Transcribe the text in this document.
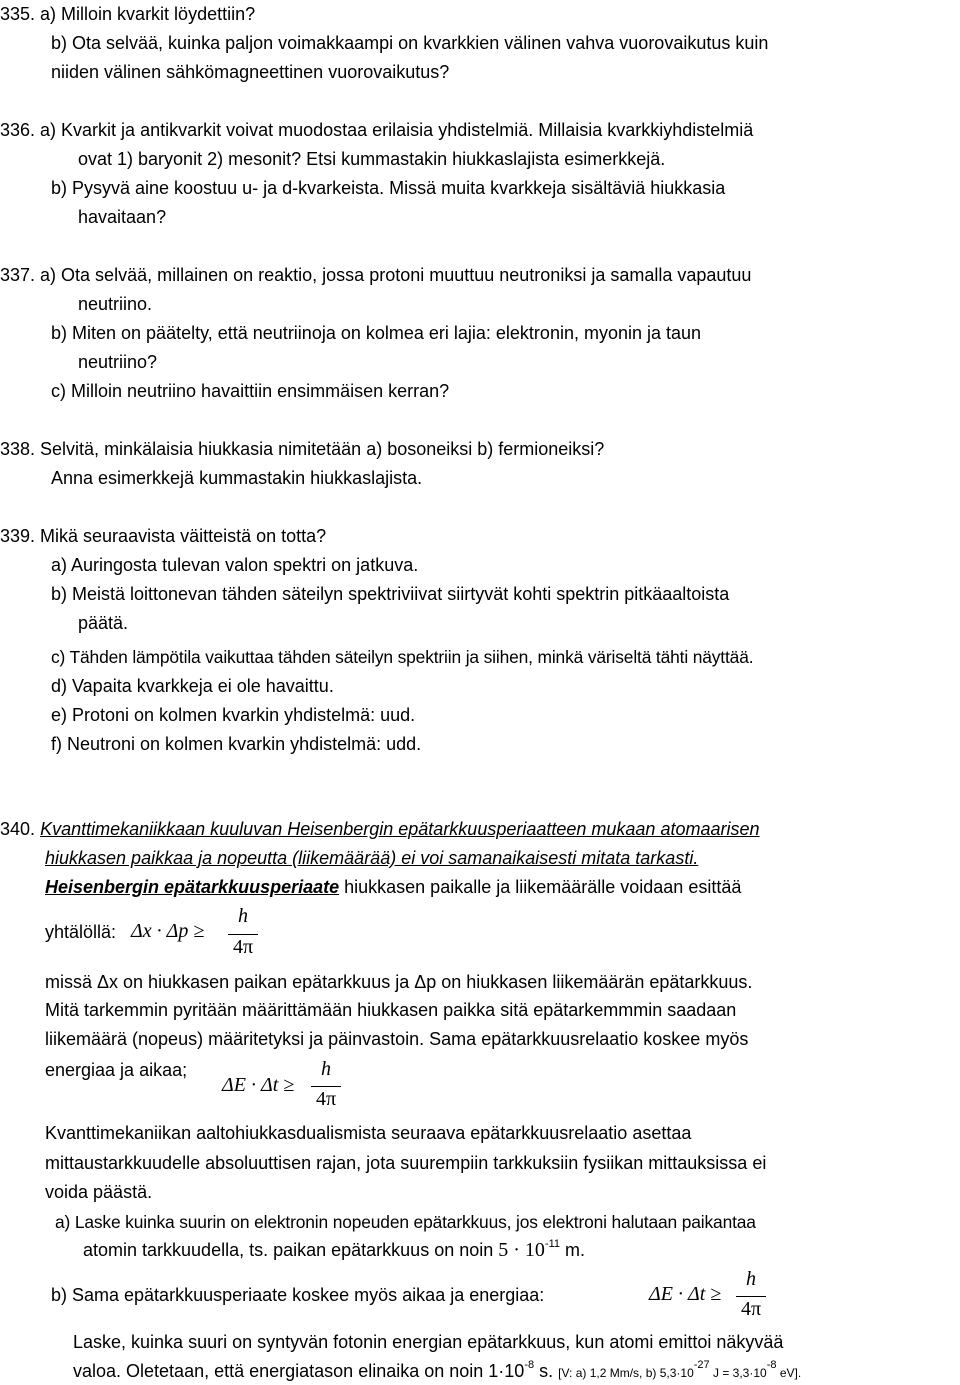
335. a) Milloin kvarkit löydettiin?
b) Ota selvää, kuinka paljon voimakkaampi on kvarkkien välinen vahva vuorovaikutus kuin
niiden välinen sähkömagneettinen vuorovaikutus?
336. a) Kvarkit ja antikvarkit voivat muodostaa erilaisia yhdistelmiä. Millaisia kvarkkiyhdistelmiä
ovat 1) baryonit 2) mesonit? Etsi kummastakin hiukkaslajista esimerkkejä.
b) Pysyvä aine koostuu u- ja d-kvarkeista. Missä muita kvarkkeja sisältäviä hiukkasia
havaitaan?
337. a) Ota selvää, millainen on reaktio, jossa protoni muuttuu neutroniksi ja samalla vapautuu
neutriino.
b) Miten on päätelty, että neutriinoja on kolmea eri lajia: elektronin, myonin ja taun
neutriino?
c) Milloin neutriino havaittiin ensimmäisen kerran?
338. Selvitä, minkälaisia hiukkasia nimitetään a) bosoneiksi b) fermioneiksi?
Anna esimerkkejä kummastakin hiukkaslajista.
339. Mikä seuraavista väitteistä on totta?
a) Auringosta tulevan valon spektri on jatkuva.
b) Meistä loittonevan tähden säteilyn spektriviivat siirtyvät kohti spektrin pitkäaaltoista
päätä.
c) Tähden lämpötila vaikuttaa tähden säteilyn spektriin ja siihen, minkä väriseltä tähti näyttää.
d) Vapaita kvarkkeja ei ole havaittu.
e) Protoni on kolmen kvarkin yhdistelmä: uud.
f) Neutroni on kolmen kvarkin yhdistelmä: udd.
340. Kvanttimekaniikkaan kuuluvan Heisenbergin epätarkkuusperiaatteen mukaan atomaarisen
hiukkasen paikkaa ja nopeutta (liikemäärää) ei voi samanaikaisesti mitata tarkasti.
Heisenbergin epätarkkuusperiaate hiukkasen paikalle ja liikemäärälle voidaan esittää
yhtälöllä: Δx · Δp ≥
h
4π
missä Δx on hiukkasen paikan epätarkkuus ja Δp on hiukkasen liikemäärän epätarkkuus.
Mitä tarkemmin pyritään määrittämään hiukkasen paikka sitä epätarkemmmin saadaan
liikemäärä (nopeus) määritetyksi ja päinvastoin. Sama epätarkkuusrelaatio koskee myös
energiaa ja aikaa;
ΔE · Δt ≥
h
4π
Kvanttimekaniikan aaltohiukkasdualismista seuraava epätarkkuusrelaatio asettaa
mittaustarkkuudelle absoluuttisen rajan, jota suurempiin tarkkuksiin fysiikan mittauksissa ei
voida päästä.
a) Laske kuinka suurin on elektronin nopeuden epätarkkuus, jos elektroni halutaan paikantaa
atomin tarkkuudella, ts. paikan epätarkkuus on noin $5 \cdot 10^{-11}$ m.
b) Sama epätarkkuusperiaate koskee myös aikaa ja energiaa:	ΔE · Δt ≥
h
4π
Laske, kuinka suuri on syntyvän fotonin energian epätarkkuus, kun atomi emittoi näkyvää
valoa. Oletetaan, että energiatason elinaika on noin $1\cdot 10^{-8}$ s. [V: a) 1,2 Mm/s, b) $5,3\cdot 10^{-27}$ $J = 3,3\cdot 10^{-8}$ eV].
